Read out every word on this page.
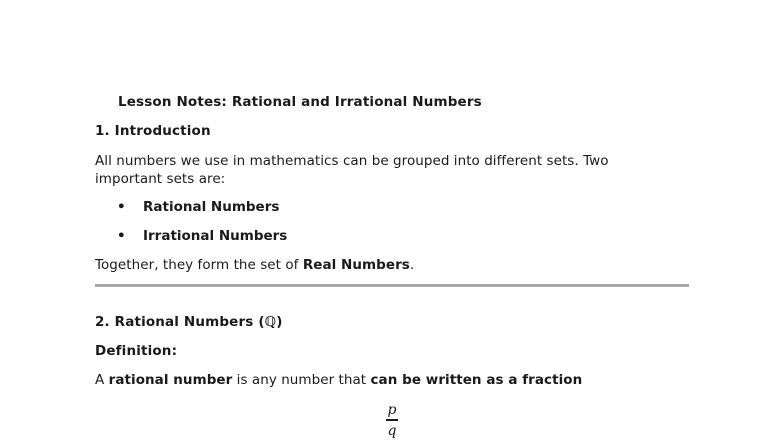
Lesson Notes: Rational and Irrational Numbers
1. Introduction
All numbers we use in mathematics can be grouped into different sets. Two important sets are:
• Rational Numbers
• Irrational Numbers
Together, they form the set of Real Numbers.
2. Rational Numbers (ℚ)
Definition:
A rational number is any number that can be written as a fraction
p
q
